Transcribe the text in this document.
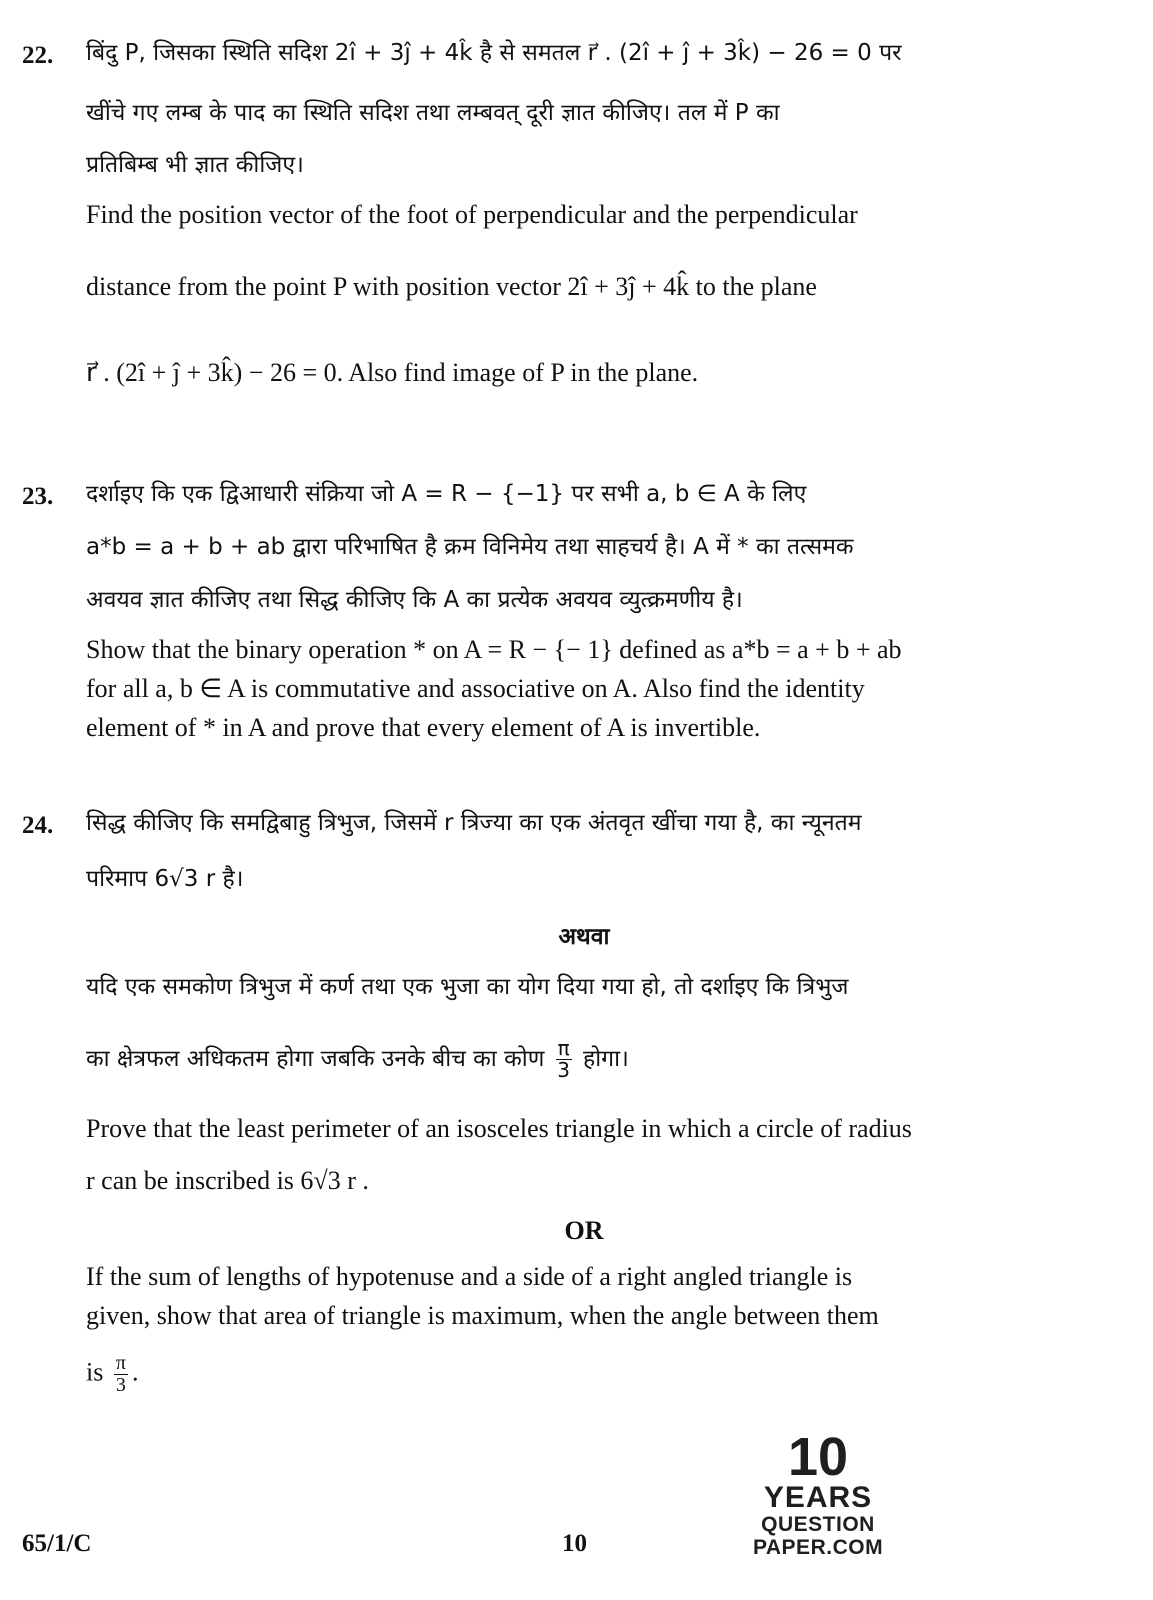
22. बिंदु P, जिसका स्थिति सदिश 2î + 3ĵ + 4k̂ है से समतल r⃗ . (2î + ĵ + 3k̂) − 26 = 0 पर

खींचे गए लम्ब के पाद का स्थिति सदिश तथा लम्बवत् दूरी ज्ञात कीजिए। तल में P का

प्रतिबिम्ब भी ज्ञात कीजिए।

Find the position vector of the foot of perpendicular and the perpendicular

distance from the point P with position vector 2î + 3ĵ + 4k̂ to the plane

r⃗ . (2î + ĵ + 3k̂) − 26 = 0. Also find image of P in the plane.

23. दर्शाइए कि एक द्विआधारी संक्रिया जो A = R − {−1} पर सभी a, b ∈ A के लिए

a*b = a + b + ab द्वारा परिभाषित है क्रम विनिमेय तथा साहचर्य है। A में * का तत्समक

अवयव ज्ञात कीजिए तथा सिद्ध कीजिए कि A का प्रत्येक अवयव व्युत्क्रमणीय है।

Show that the binary operation * on A = R − {− 1} defined as a*b = a + b + ab

for all a, b ∈ A is commutative and associative on A. Also find the identity

element of * in A and prove that every element of A is invertible.

24. सिद्ध कीजिए कि समद्विबाहु त्रिभुज, जिसमें r त्रिज्या का एक अंतवृत खींचा गया है, का न्यूनतम

परिमाप 6√3 r है।

अथवा

यदि एक समकोण त्रिभुज में कर्ण तथा एक भुजा का योग दिया गया हो, तो दर्शाइए कि त्रिभुज

का क्षेत्रफल अधिकतम होगा जबकि उनके बीच का कोण $\frac{\pi}{3}$ होगा।

Prove that the least perimeter of an isosceles triangle in which a circle of radius

r can be inscribed is 6√3 r .

OR

If the sum of lengths of hypotenuse and a side of a right angled triangle is

given, show that area of triangle is maximum, when the angle between them

is $\frac{\pi}{3}$ .

65/1/C	10
10
YEARS
QUESTION PAPER.COM
